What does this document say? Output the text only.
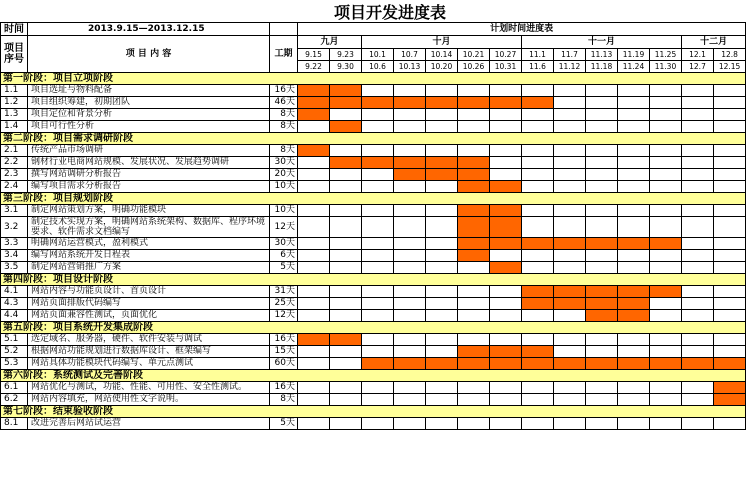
项目开发进度表
时间	2013.9.15—2013.12.15		计划时间进度表													
项目
序号	项 目 内 容	工期	九月		十月					十一月					十二月	
			9.15	9.23	10.1	10.7	10.14	10.21	10.27	11.1	11.7	11.13	11.19	11.25	12.1	12.8
			9.22	9.30	10.6	10.13	10.20	10.26	10.31	11.6	11.12	11.18	11.24	11.30	12.7	12.15
第一阶段：项目立项阶段																
1.1	项目选址与物料配备	16天														
1.2	项目组织筹建，初期团队	46天														
1.3	项目定位和背景分析	8天														
1.4	项目可行性分析	8天														
第二阶段：项目需求调研阶段																
2.1	传统产品市场调研	8天														
2.2	钢材行业电商网站规模、发展状况、发展趋势调研	30天														
2.3	撰写网站调研分析报告	20天														
2.4	编写项目需求分析报告	10天														
第三阶段：项目规划阶段																
3.1	制定网站策划方案，明确功能模块	10天														
3.2	制定技术实现方案，明确网站系统架构、数据库、程序环境要求、软件需求文档编写	12天														
3.3	明确网站运营模式，盈利模式	30天														
3.4	编写网站系统开发日程表	6天														
3.5	制定网站营销推广方案	5天														
第四阶段：项目设计阶段																
4.1	网站内容与功能页设计、首页设计	31天														
4.3	网站页面排版代码编写	25天														
4.4	网站页面兼容性测试，页面优化	12天														
第五阶段：项目系统开发集成阶段																
5.1	选定域名、服务器，硬件、软件安装与调试	16天														
5.2	根据网站功能规划进行数据库设计、框架编写	15天														
5.3	网站具体功能模块代码编写、单元点测试	60天														
第六阶段：系统测试及完善阶段																
6.1	网站优化与测试，功能、性能、可用性、安全性测试。	16天														
6.2	网站内容填充，网站使用性文字说明。	8天														
第七阶段：结束验收阶段																
8.1	改进完善后网站试运营	5天														
